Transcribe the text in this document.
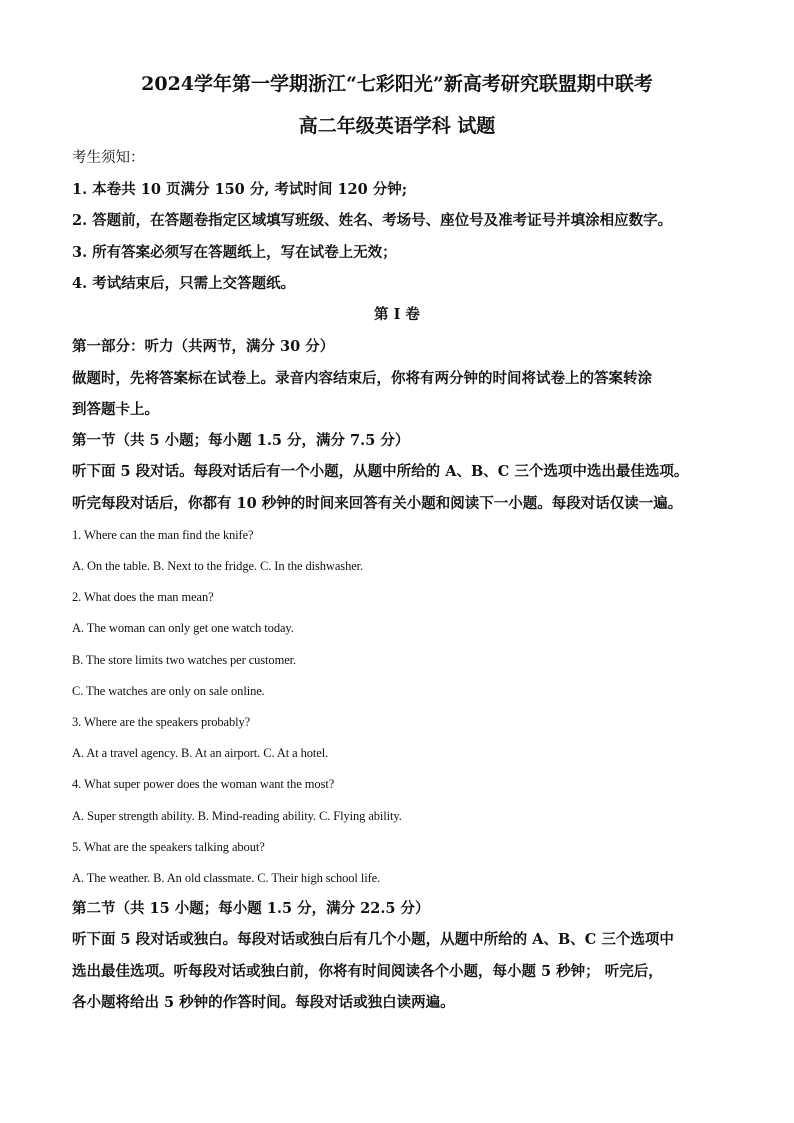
2024学年第一学期浙江“七彩阳光”新高考研究联盟期中联考
高二年级英语学科 试题
考生须知：
1. 本卷共 10 页满分 150 分, 考试时间 120 分钟;
2. 答题前，在答题卷指定区域填写班级、姓名、考场号、座位号及准考证号并填涂相应数字。
3. 所有答案必须写在答题纸上，写在试卷上无效；
4. 考试结束后，只需上交答题纸。
第 I 卷
第一部分：听力（共两节，满分 30 分）
做题时，先将答案标在试卷上。录音内容结束后，你将有两分钟的时间将试卷上的答案转涂
到答题卡上。
第一节（共 5 小题；每小题 1.5 分，满分 7.5 分）
听下面 5 段对话。每段对话后有一个小题，从题中所给的 A、B、C 三个选项中选出最佳选项。
听完每段对话后，你都有 10 秒钟的时间来回答有关小题和阅读下一小题。每段对话仅读一遍。
1. Where can the man find the knife?
A. On the table. B. Next to the fridge. C. In the dishwasher.
2. What does the man mean?
A. The woman can only get one watch today.
B. The store limits two watches per customer.
C. The watches are only on sale online.
3. Where are the speakers probably?
A. At a travel agency. B. At an airport. C. At a hotel.
4. What super power does the woman want the most?
A. Super strength ability. B. Mind-reading ability. C. Flying ability.
5. What are the speakers talking about?
A. The weather. B. An old classmate. C. Their high school life.
第二节（共 15 小题；每小题 1.5 分，满分 22.5 分）
听下面 5 段对话或独白。每段对话或独白后有几个小题，从题中所给的 A、B、C 三个选项中
选出最佳选项。听每段对话或独白前，你将有时间阅读各个小题，每小题 5 秒钟； 听完后，
各小题将给出 5 秒钟的作答时间。每段对话或独白读两遍。
